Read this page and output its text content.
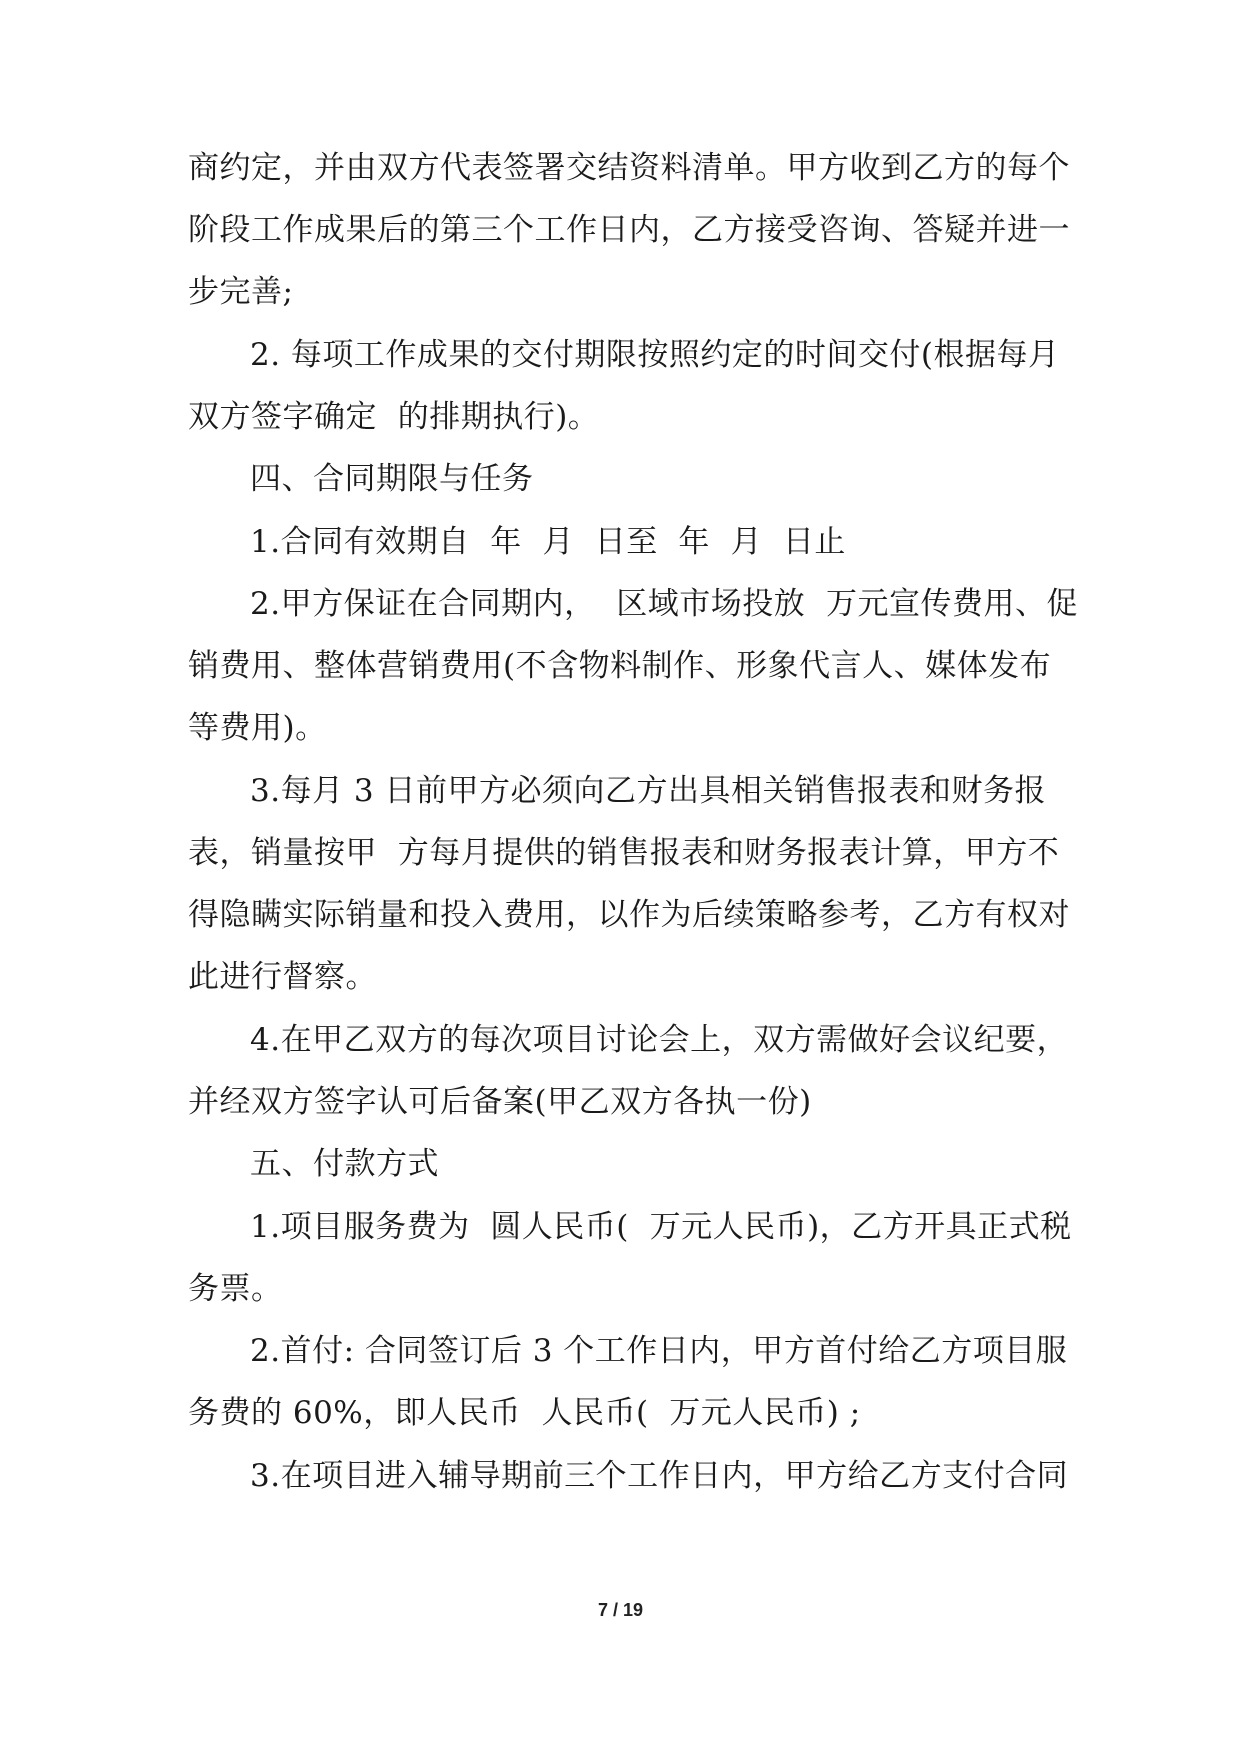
商约定，并由双方代表签署交结资料清单。甲方收到乙方的每个
阶段工作成果后的第三个工作日内，乙方接受咨询、答疑并进一
步完善;
2. 每项工作成果的交付期限按照约定的时间交付(根据每月
双方签字确定  的排期执行)。
四、合同期限与任务
1.合同有效期自  年  月  日至  年  月  日止
2.甲方保证在合同期内，  区域市场投放  万元宣传费用、促
销费用、整体营销费用(不含物料制作、形象代言人、媒体发布
等费用)。
3.每月 3 日前甲方必须向乙方出具相关销售报表和财务报
表，销量按甲  方每月提供的销售报表和财务报表计算，甲方不
得隐瞒实际销量和投入费用，以作为后续策略参考，乙方有权对
此进行督察。
4.在甲乙双方的每次项目讨论会上，双方需做好会议纪要，
并经双方签字认可后备案(甲乙双方各执一份)
五、付款方式
1.项目服务费为  圆人民币(  万元人民币)，乙方开具正式税
务票。
2.首付: 合同签订后 3 个工作日内，甲方首付给乙方项目服
务费的 60%，即人民币  人民币(  万元人民币) ;
3.在项目进入辅导期前三个工作日内，甲方给乙方支付合同
7 / 19
